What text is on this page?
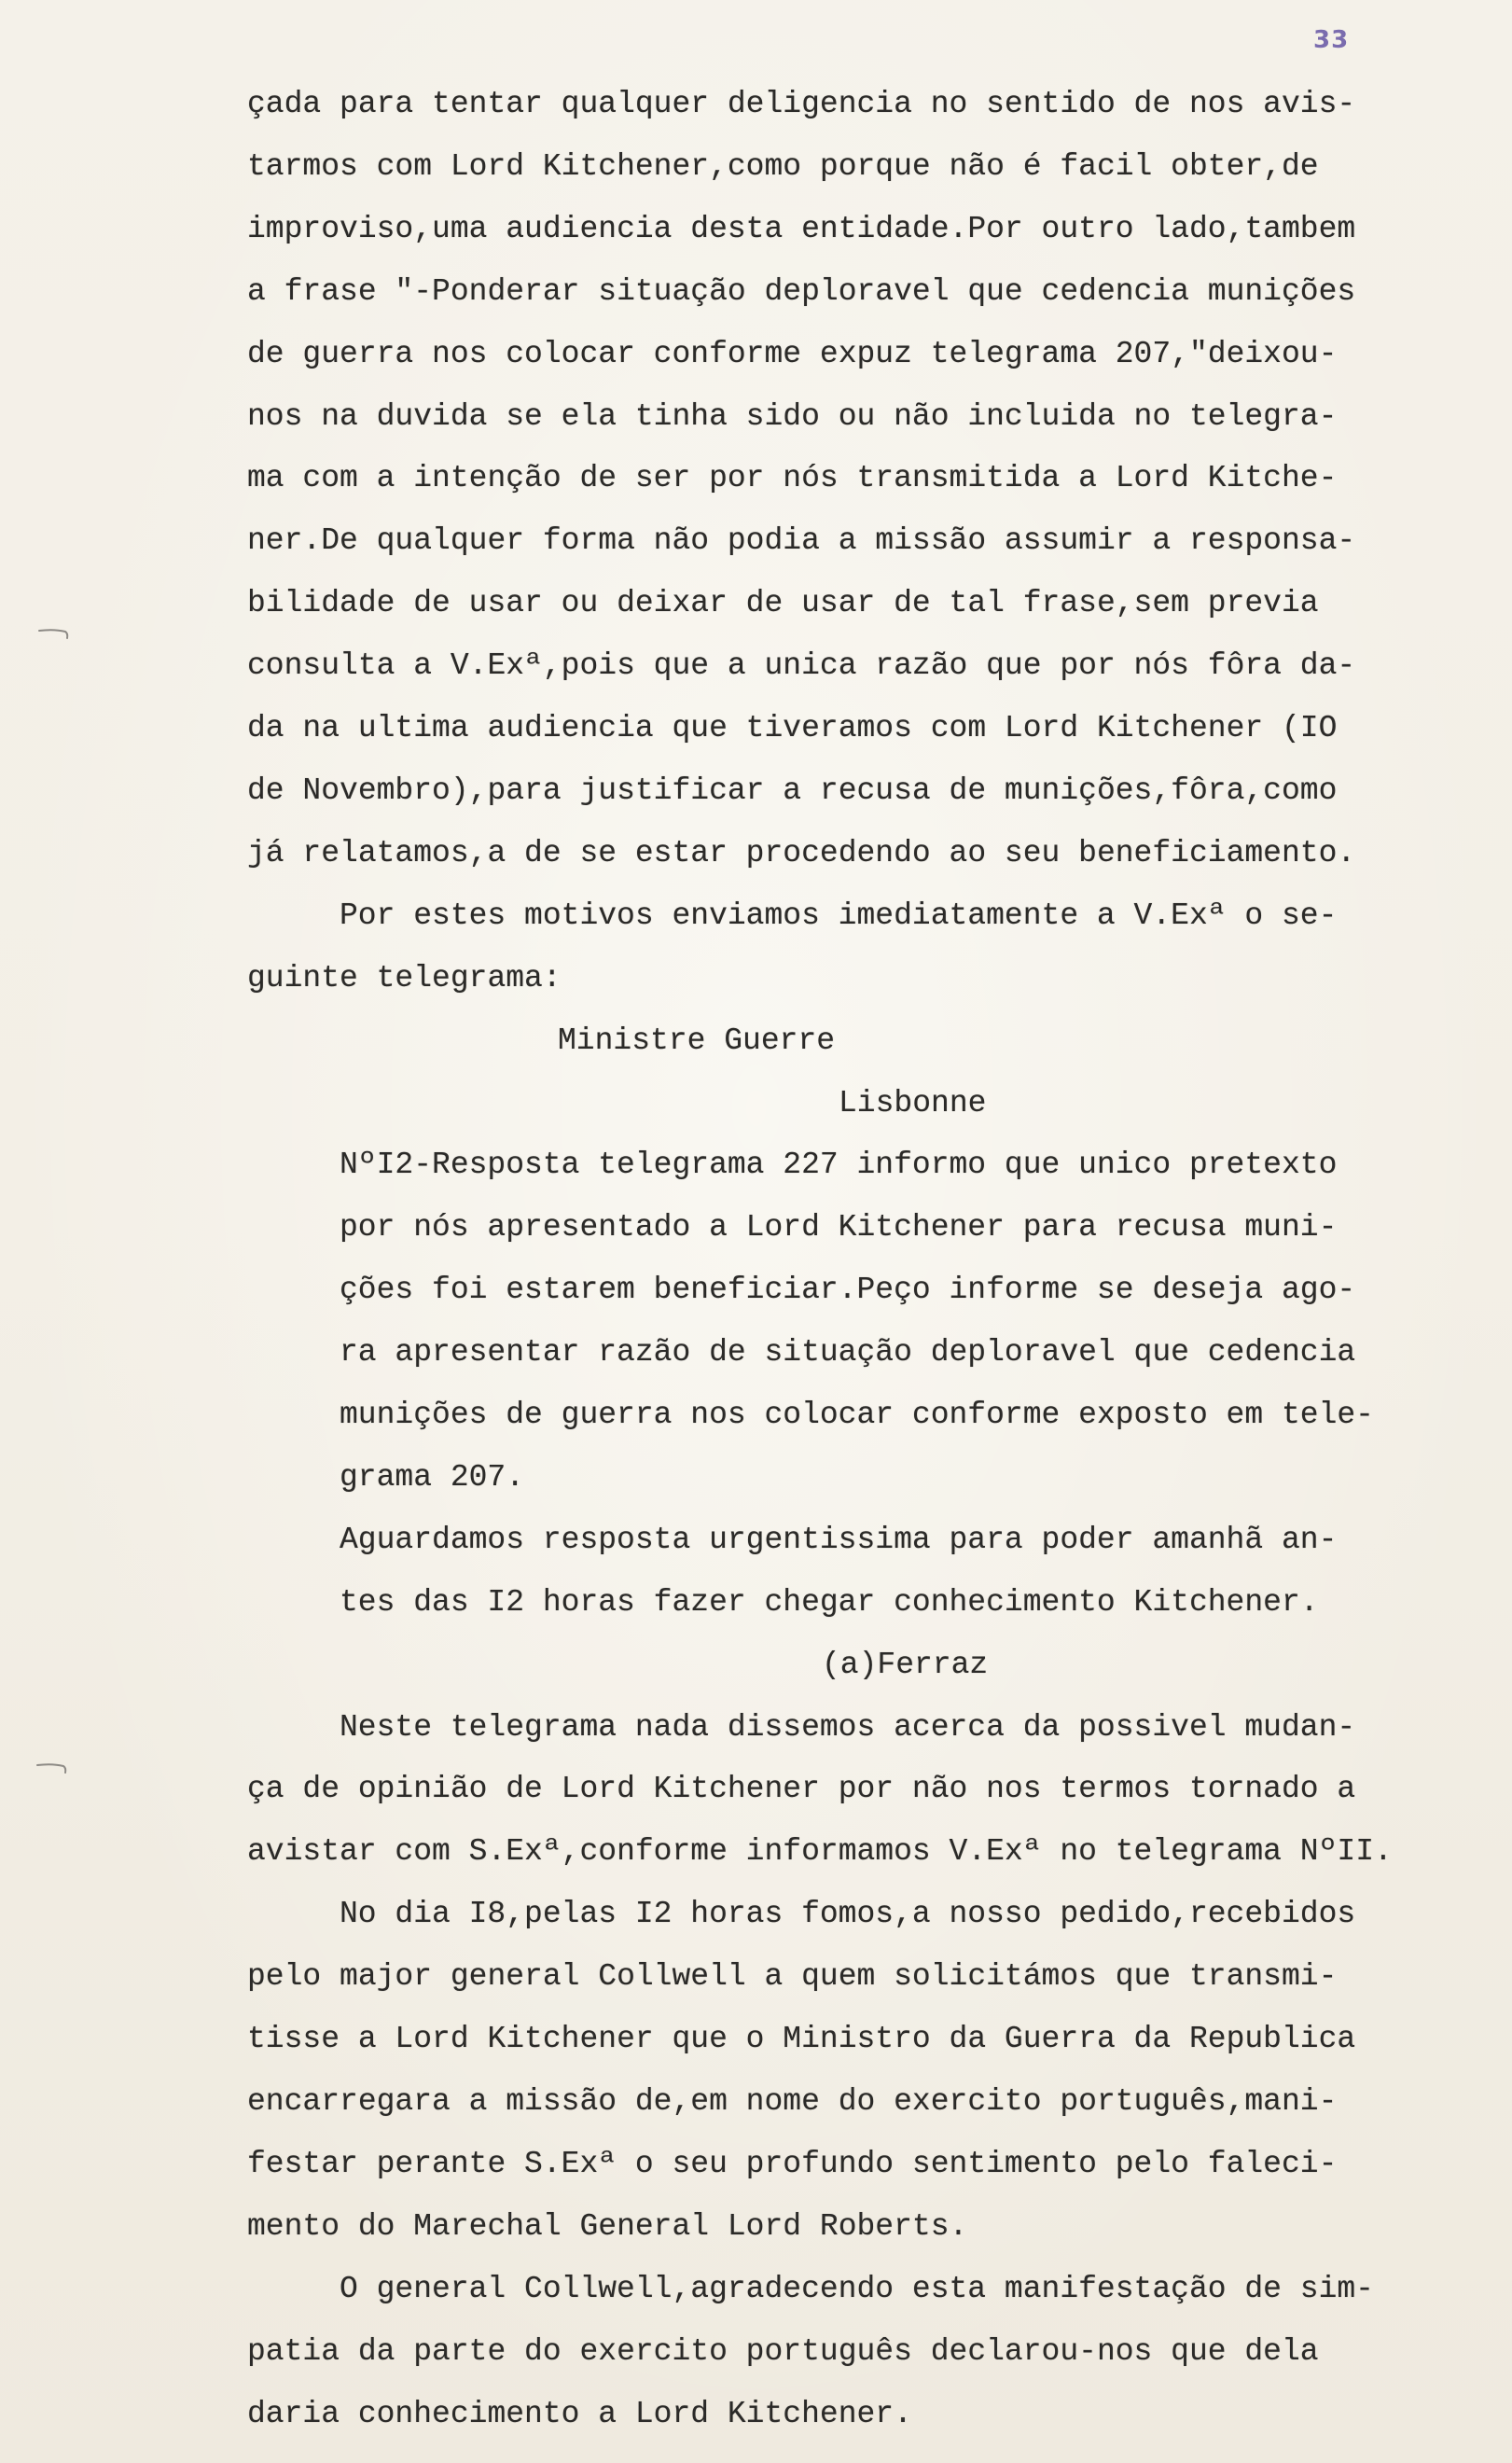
33
çada para tentar qualquer deligencia no sentido de nos avis-
tarmos com Lord Kitchener,como porque não é facil obter,de
improviso,uma audiencia desta entidade.Por outro lado,tambem
a frase "-Ponderar situação deploravel que cedencia munições
de guerra nos colocar conforme expuz telegrama 207,"deixou-
nos na duvida se ela tinha sido ou não incluida no telegra-
ma com a intenção de ser por nós transmitida a Lord Kitche-
ner.De qualquer forma não podia a missão assumir a responsa-
bilidade de usar ou deixar de usar de tal frase,sem previa
consulta a V.Exª,pois que a unica razão que por nós fôra da-
da na ultima audiencia que tiveramos com Lord Kitchener (IO
de Novembro),para justificar a recusa de munições,fôra,como
já relatamos,a de se estar procedendo ao seu beneficiamento.
Por estes motivos enviamos imediatamente a V.Exª o se-
guinte telegrama:
Ministre Guerre
Lisbonne
NºI2-Resposta telegrama 227 informo que unico pretexto
por nós apresentado a Lord Kitchener para recusa muni-
ções foi estarem beneficiar.Peço informe se deseja ago-
ra apresentar razão de situação deploravel que cedencia
munições de guerra nos colocar conforme exposto em tele-
grama 207.
Aguardamos resposta urgentissima para poder amanhã an-
tes das I2 horas fazer chegar conhecimento Kitchener.
(a)Ferraz
Neste telegrama nada dissemos acerca da possivel mudan-
ça de opinião de Lord Kitchener por não nos termos tornado a
avistar com S.Exª,conforme informamos V.Exª no telegrama NºII.
No dia I8,pelas I2 horas fomos,a nosso pedido,recebidos
pelo major general Collwell a quem solicitámos que transmi-
tisse a Lord Kitchener que o Ministro da Guerra da Republica
encarregara a missão de,em nome do exercito português,mani-
festar perante S.Exª o seu profundo sentimento pelo faleci-
mento do Marechal General Lord Roberts.
O general Collwell,agradecendo esta manifestação de sim-
patia da parte do exercito português declarou-nos que dela
daria conhecimento a Lord Kitchener.
